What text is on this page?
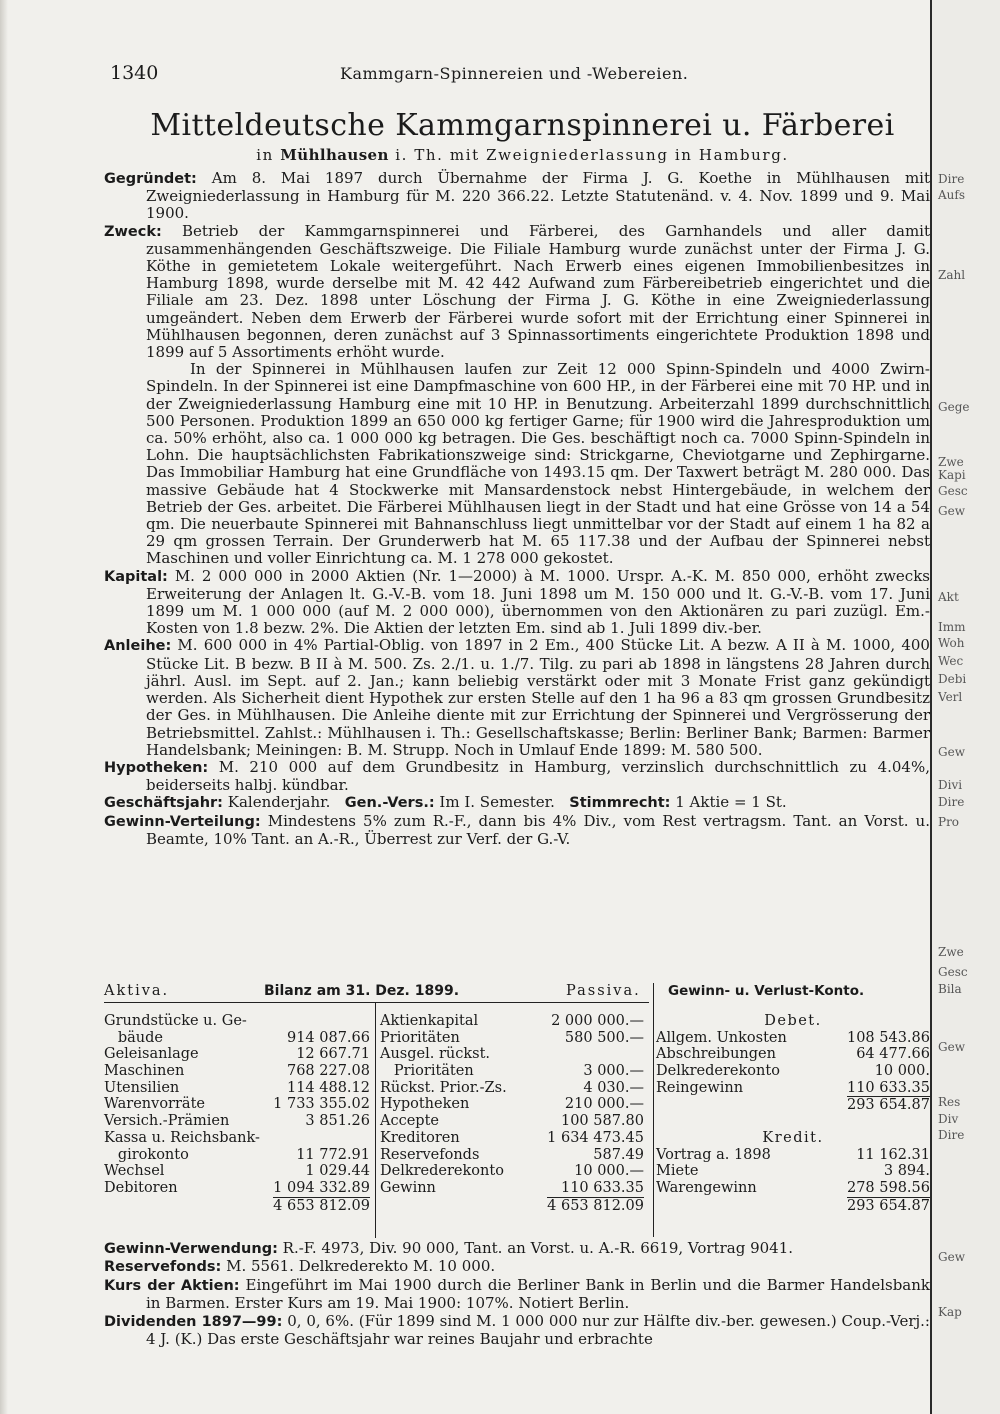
Dire
Aufs
Zahl
Gege
Zwe
Kapi
Gesc
Gew
Akt
Imm
Woh
Wec
Debi
Verl
Gew
Divi
Dire
Pro
Zwe
Gesc
Bila
Gew
Res
Div
Dire
Gew
Kap
1340	Kammgarn-Spinnereien und -Webereien.
Mitteldeutsche Kammgarnspinnerei u. Färberei
in Mühlhausen i. Th. mit Zweigniederlassung in Hamburg.

Gegründet: Am 8. Mai 1897 durch Übernahme der Firma J. G. Koethe in Mühlhausen mit Zweigniederlassung in Hamburg für M. 220 366.22. Letzte Statutenänd. v. 4. Nov. 1899 und 9. Mai 1900.

Zweck: Betrieb der Kammgarnspinnerei und Färberei, des Garnhandels und aller damit zusammenhängenden Geschäftszweige. Die Filiale Hamburg wurde zunächst unter der Firma J. G. Köthe in gemietetem Lokale weitergeführt. Nach Erwerb eines eigenen Immobilienbesitzes in Hamburg 1898, wurde derselbe mit M. 42 442 Aufwand zum Färbereibetrieb eingerichtet und die Filiale am 23. Dez. 1898 unter Löschung der Firma J. G. Köthe in eine Zweigniederlassung umgeändert. Neben dem Erwerb der Färberei wurde sofort mit der Errichtung einer Spinnerei in Mühlhausen begonnen, deren zunächst auf 3 Spinnassortiments eingerichtete Produktion 1898 und 1899 auf 5 Assortiments erhöht wurde.

In der Spinnerei in Mühlhausen laufen zur Zeit 12 000 Spinn-Spindeln und 4000 Zwirn-Spindeln. In der Spinnerei ist eine Dampfmaschine von 600 HP., in der Färberei eine mit 70 HP. und in der Zweigniederlassung Hamburg eine mit 10 HP. in Benutzung. Arbeiterzahl 1899 durchschnittlich 500 Personen. Produktion 1899 an 650 000 kg fertiger Garne; für 1900 wird die Jahresproduktion um ca. 50% erhöht, also ca. 1 000 000 kg betragen. Die Ges. beschäftigt noch ca. 7000 Spinn-Spindeln in Lohn. Die hauptsächlichsten Fabrikationszweige sind: Strickgarne, Cheviotgarne und Zephirgarne. Das Immobiliar Hamburg hat eine Grundfläche von 1493.15 qm. Der Taxwert beträgt M. 280 000. Das massive Gebäude hat 4 Stockwerke mit Mansardenstock nebst Hintergebäude, in welchem der Betrieb der Ges. arbeitet. Die Färberei Mühlhausen liegt in der Stadt und hat eine Grösse von 14 a 54 qm. Die neuerbaute Spinnerei mit Bahnanschluss liegt unmittelbar vor der Stadt auf einem 1 ha 82 a 29 qm grossen Terrain. Der Grunderwerb hat M. 65 117.38 und der Aufbau der Spinnerei nebst Maschinen und voller Einrichtung ca. M. 1 278 000 gekostet.

Kapital: M. 2 000 000 in 2000 Aktien (Nr. 1—2000) à M. 1000. Urspr. A.-K. M. 850 000, erhöht zwecks Erweiterung der Anlagen lt. G.-V.-B. vom 18. Juni 1898 um M. 150 000 und lt. G.-V.-B. vom 17. Juni 1899 um M. 1 000 000 (auf M. 2 000 000), übernommen von den Aktionären zu pari zuzügl. Em.-Kosten von 1.8 bezw. 2%. Die Aktien der letzten Em. sind ab 1. Juli 1899 div.-ber.

Anleihe: M. 600 000 in 4% Partial-Oblig. von 1897 in 2 Em., 400 Stücke Lit. A bezw. A II à M. 1000, 400 Stücke Lit. B bezw. B II à M. 500. Zs. 2./1. u. 1./7. Tilg. zu pari ab 1898 in längstens 28 Jahren durch jährl. Ausl. im Sept. auf 2. Jan.; kann beliebig verstärkt oder mit 3 Monate Frist ganz gekündigt werden. Als Sicherheit dient Hypothek zur ersten Stelle auf den 1 ha 96 a 83 qm grossen Grundbesitz der Ges. in Mühlhausen. Die Anleihe diente mit zur Errichtung der Spinnerei und Vergrösserung der Betriebsmittel. Zahlst.: Mühlhausen i. Th.: Gesellschaftskasse; Berlin: Berliner Bank; Barmen: Barmer Handelsbank; Meiningen: B. M. Strupp. Noch in Umlauf Ende 1899: M. 580 500.

Hypotheken: M. 210 000 auf dem Grundbesitz in Hamburg, verzinslich durchschnittlich zu 4.04%, beiderseits halbj. kündbar.

Geschäftsjahr: Kalenderjahr. Gen.-Vers.: Im I. Semester. Stimmrecht: 1 Aktie = 1 St.

Gewinn-Verteilung: Mindestens 5% zum R.-F., dann bis 4% Div., vom Rest vertragsm. Tant. an Vorst. u. Beamte, 10% Tant. an A.-R., Überrest zur Verf. der G.-V.

Aktiva.	Bilanz am 31. Dez. 1899.	Passiva. Gewinn- u. Verlust-Konto.
Grundstücke u. Ge-
bäude	914 087.66
Geleisanlage	12 667.71
Maschinen	768 227.08
Utensilien	114 488.12
Warenvorräte	1 733 355.02
Versich.-Prämien	3 851.26
Kassa u. Reichsbank-
girokonto	11 772.91
Wechsel	1 029.44
Debitoren	1 094 332.89
4 653 812.09
Aktienkapital	2 000 000.—
Prioritäten	580 500.—
Ausgel. rückst.
Prioritäten	3 000.—
Rückst. Prior.-Zs.	4 030.—
Hypotheken	210 000.—
Accepte	100 587.80
Kreditoren	1 634 473.45
Reservefonds	587.49
Delkrederekonto	10 000.—
Gewinn	110 633.35
4 653 812.09
Debet.
Allgem. Unkosten	108 543.86
Abschreibungen	64 477.66
Delkrederekonto	10 000.
Reingewinn	110 633.35
293 654.87
Kredit.
Vortrag a. 1898	11 162.31
Miete	3 894.
Warengewinn	278 598.56
293 654.87

Gewinn-Verwendung: R.-F. 4973, Div. 90 000, Tant. an Vorst. u. A.-R. 6619, Vortrag 9041.

Reservefonds: M. 5561. Delkrederekto M. 10 000.

Kurs der Aktien: Eingeführt im Mai 1900 durch die Berliner Bank in Berlin und die Barmer Handelsbank in Barmen. Erster Kurs am 19. Mai 1900: 107%. Notiert Berlin.

Dividenden 1897—99: 0, 0, 6%. (Für 1899 sind M. 1 000 000 nur zur Hälfte div.-ber. gewesen.) Coup.-Verj.: 4 J. (K.) Das erste Geschäftsjahr war reines Baujahr und erbrachte
